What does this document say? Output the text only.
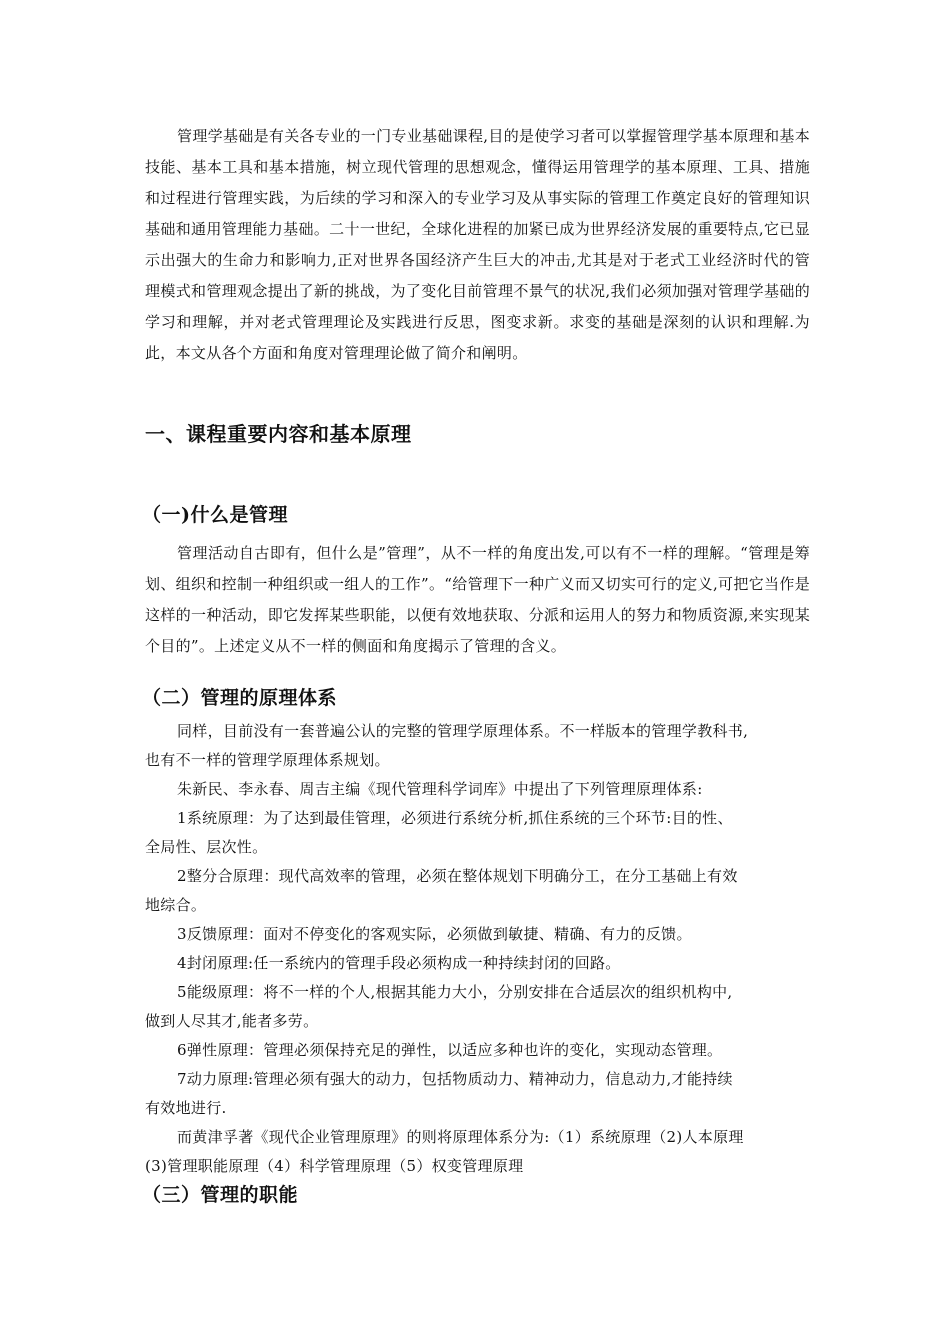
管理学基础是有关各专业的一门专业基础课程,目的是使学习者可以掌握管理学基本原理和基本技能、基本工具和基本措施，树立现代管理的思想观念，懂得运用管理学的基本原理、工具、措施和过程进行管理实践，为后续的学习和深入的专业学习及从事实际的管理工作奠定良好的管理知识基础和通用管理能力基础。二十一世纪，全球化进程的加紧已成为世界经济发展的重要特点,它已显示出强大的生命力和影响力,正对世界各国经济产生巨大的冲击,尤其是对于老式工业经济时代的管理模式和管理观念提出了新的挑战，为了变化目前管理不景气的状况,我们必须加强对管理学基础的学习和理解，并对老式管理理论及实践进行反思，图变求新。求变的基础是深刻的认识和理解.为此，本文从各个方面和角度对管理理论做了简介和阐明。

一、课程重要内容和基本原理
（一)什么是管理

管理活动自古即有，但什么是”管理”，从不一样的角度出发,可以有不一样的理解。“管理是筹划、组织和控制一种组织或一组人的工作”。“给管理下一种广义而又切实可行的定义,可把它当作是这样的一种活动，即它发挥某些职能，以便有效地获取、分派和运用人的努力和物质资源,来实现某个目的”。上述定义从不一样的侧面和角度揭示了管理的含义。

（二）管理的原理体系

同样，目前没有一套普遍公认的完整的管理学原理体系。不一样版本的管理学教科书,

也有不一样的管理学原理体系规划。

朱新民、李永春、周吉主编《现代管理科学词库》中提出了下列管理原理体系:

1系统原理：为了达到最佳管理，必须进行系统分析,抓住系统的三个环节:目的性、

全局性、层次性。

2整分合原理：现代高效率的管理，必须在整体规划下明确分工，在分工基础上有效

地综合。

3反馈原理：面对不停变化的客观实际，必须做到敏捷、精确、有力的反馈。

4封闭原理:任一系统内的管理手段必须构成一种持续封闭的回路。

5能级原理：将不一样的个人,根据其能力大小，分别安排在合适层次的组织机构中,

做到人尽其才,能者多劳。

6弹性原理：管理必须保持充足的弹性，以适应多种也许的变化，实现动态管理。

7动力原理:管理必须有强大的动力，包括物质动力、精神动力，信息动力,才能持续

有效地进行.

而黄津孚著《现代企业管理原理》的则将原理体系分为:（1）系统原理（2)人本原理

(3)管理职能原理（4）科学管理原理（5）权变管理原理

（三）管理的职能
